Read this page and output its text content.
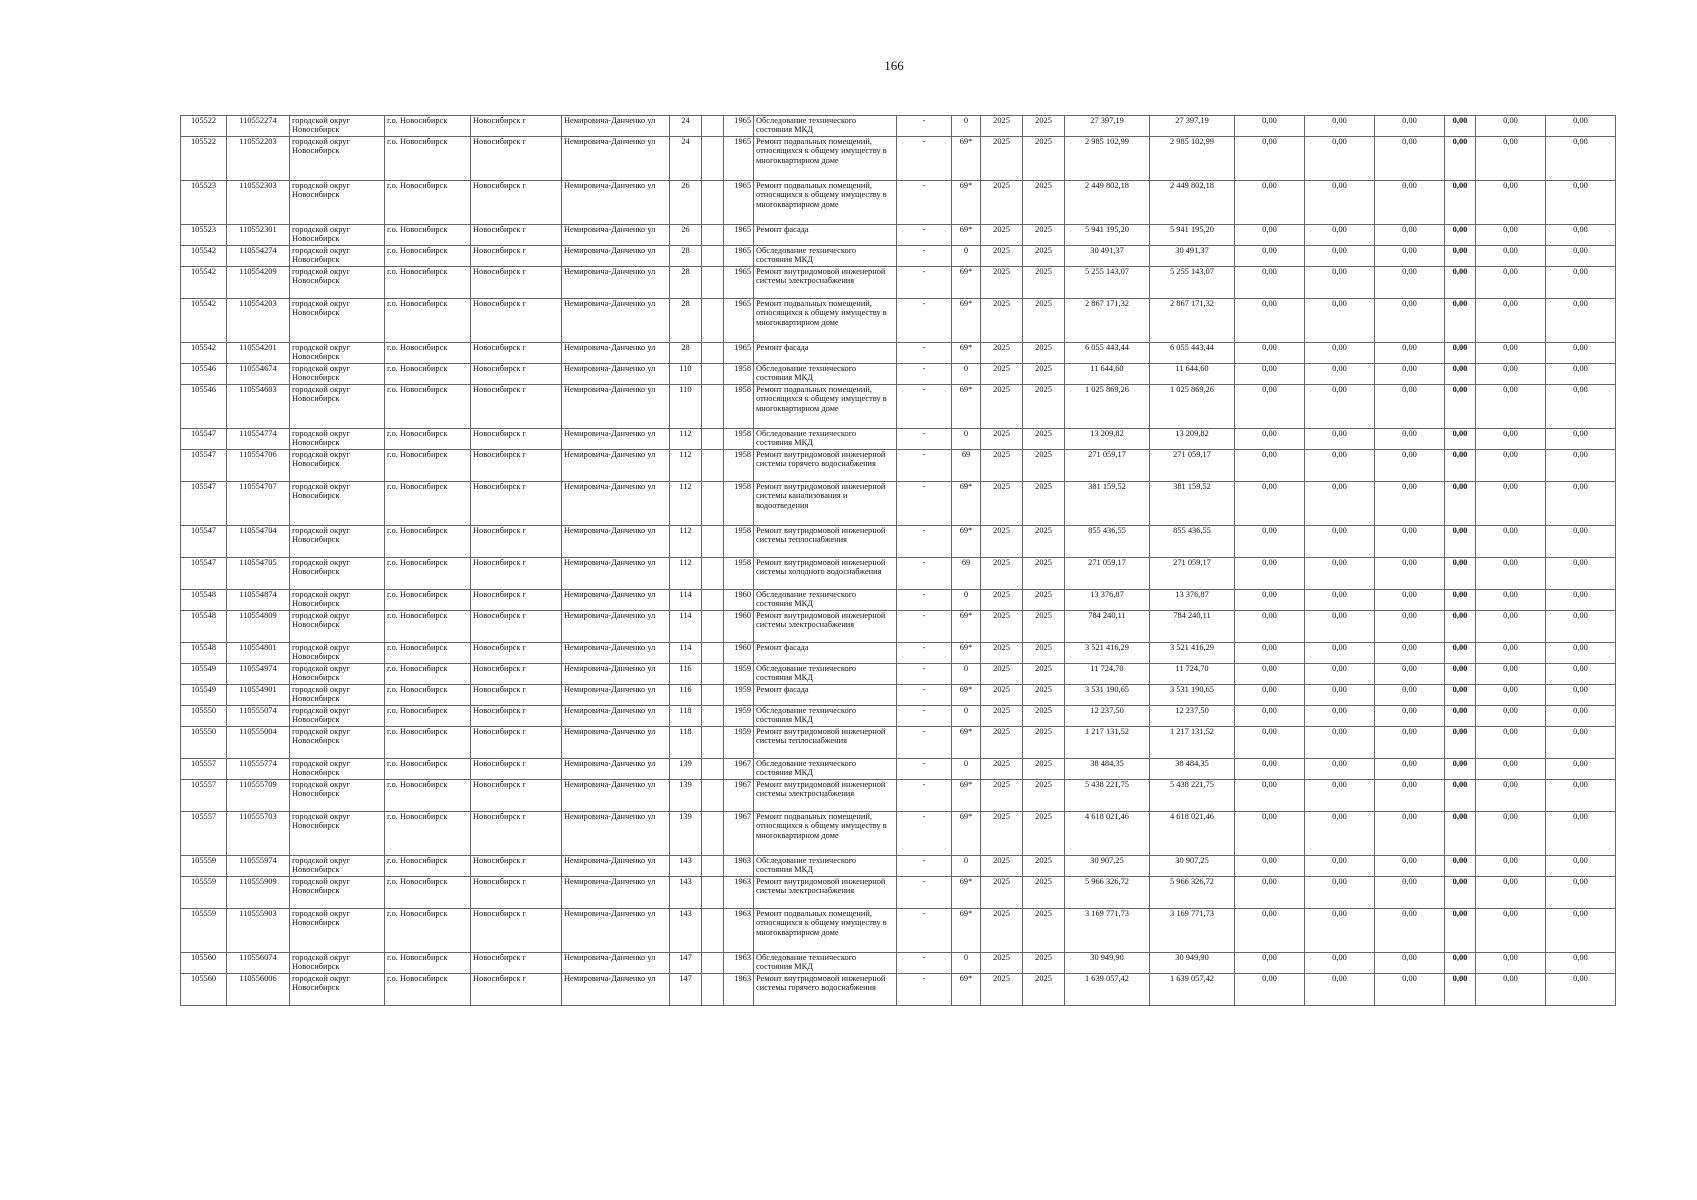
166
105522	110552274	городской округ Новосибирск	г.о. Новосибирск	Новосибирск г	Немировича-Данченко ул	24		1965	Обследование технического состояния МКД	-	0	2025	2025	27 397,19	27 397,19	0,00	0,00	0,00	0,00	0,00	0,00
105522	110552203	городской округ Новосибирск	г.о. Новосибирск	Новосибирск г	Немировича-Данченко ул	24		1965	Ремонт подвальных помещений, относящихся к общему имуществу в многоквартирном доме	-	69*	2025	2025	2 985 102,99	2 985 102,99	0,00	0,00	0,00	0,00	0,00	0,00
105523	110552303	городской округ Новосибирск	г.о. Новосибирск	Новосибирск г	Немировича-Данченко ул	26		1965	Ремонт подвальных помещений, относящихся к общему имуществу в многоквартирном доме	-	69*	2025	2025	2 449 802,18	2 449 802,18	0,00	0,00	0,00	0,00	0,00	0,00
105523	110552301	городской округ Новосибирск	г.о. Новосибирск	Новосибирск г	Немировича-Данченко ул	26		1965	Ремонт фасада	-	69*	2025	2025	5 941 195,20	5 941 195,20	0,00	0,00	0,00	0,00	0,00	0,00
105542	110554274	городской округ Новосибирск	г.о. Новосибирск	Новосибирск г	Немировича-Данченко ул	28		1965	Обследование технического состояния МКД	-	0	2025	2025	30 491,37	30 491,37	0,00	0,00	0,00	0,00	0,00	0,00
105542	110554209	городской округ Новосибирск	г.о. Новосибирск	Новосибирск г	Немировича-Данченко ул	28		1965	Ремонт внутридомовой инженерной системы электроснабжения	-	69*	2025	2025	5 255 143,07	5 255 143,07	0,00	0,00	0,00	0,00	0,00	0,00
105542	110554203	городской округ Новосибирск	г.о. Новосибирск	Новосибирск г	Немировича-Данченко ул	28		1965	Ремонт подвальных помещений, относящихся к общему имуществу в многоквартирном доме	-	69*	2025	2025	2 867 171,32	2 867 171,32	0,00	0,00	0,00	0,00	0,00	0,00
105542	110554201	городской округ Новосибирск	г.о. Новосибирск	Новосибирск г	Немировича-Данченко ул	28		1965	Ремонт фасада	-	69*	2025	2025	6 055 443,44	6 055 443,44	0,00	0,00	0,00	0,00	0,00	0,00
105546	110554674	городской округ Новосибирск	г.о. Новосибирск	Новосибирск г	Немировича-Данченко ул	110		1958	Обследование технического состояния МКД	-	0	2025	2025	11 644,60	11 644,60	0,00	0,00	0,00	0,00	0,00	0,00
105546	110554603	городской округ Новосибирск	г.о. Новосибирск	Новосибирск г	Немировича-Данченко ул	110		1958	Ремонт подвальных помещений, относящихся к общему имуществу в многоквартирном доме	-	69*	2025	2025	1 025 869,26	1 025 869,26	0,00	0,00	0,00	0,00	0,00	0,00
105547	110554774	городской округ Новосибирск	г.о. Новосибирск	Новосибирск г	Немировича-Данченко ул	112		1958	Обследование технического состояния МКД	-	0	2025	2025	13 209,82	13 209,82	0,00	0,00	0,00	0,00	0,00	0,00
105547	110554706	городской округ Новосибирск	г.о. Новосибирск	Новосибирск г	Немировича-Данченко ул	112		1958	Ремонт внутридомовой инженерной системы горячего водоснабжения	-	69	2025	2025	271 059,17	271 059,17	0,00	0,00	0,00	0,00	0,00	0,00
105547	110554707	городской округ Новосибирск	г.о. Новосибирск	Новосибирск г	Немировича-Данченко ул	112		1958	Ремонт внутридомовой инженерной системы канализования и водоотведения	-	69*	2025	2025	381 159,52	381 159,52	0,00	0,00	0,00	0,00	0,00	0,00
105547	110554704	городской округ Новосибирск	г.о. Новосибирск	Новосибирск г	Немировича-Данченко ул	112		1958	Ремонт внутридомовой инженерной системы теплоснабжения	-	69*	2025	2025	855 436,55	855 436,55	0,00	0,00	0,00	0,00	0,00	0,00
105547	110554705	городской округ Новосибирск	г.о. Новосибирск	Новосибирск г	Немировича-Данченко ул	112		1958	Ремонт внутридомовой инженерной системы холодного водоснабжения	-	69	2025	2025	271 059,17	271 059,17	0,00	0,00	0,00	0,00	0,00	0,00
105548	110554874	городской округ Новосибирск	г.о. Новосибирск	Новосибирск г	Немировича-Данченко ул	114		1960	Обследование технического состояния МКД	-	0	2025	2025	13 376,87	13 376,87	0,00	0,00	0,00	0,00	0,00	0,00
105548	110554809	городской округ Новосибирск	г.о. Новосибирск	Новосибирск г	Немировича-Данченко ул	114		1960	Ремонт внутридомовой инженерной системы электроснабжения	-	69*	2025	2025	784 240,11	784 240,11	0,00	0,00	0,00	0,00	0,00	0,00
105548	110554801	городской округ Новосибирск	г.о. Новосибирск	Новосибирск г	Немировича-Данченко ул	114		1960	Ремонт фасада	-	69*	2025	2025	3 521 416,29	3 521 416,29	0,00	0,00	0,00	0,00	0,00	0,00
105549	110554974	городской округ Новосибирск	г.о. Новосибирск	Новосибирск г	Немировича-Данченко ул	116		1959	Обследование технического состояния МКД	-	0	2025	2025	11 724,70	11 724,70	0,00	0,00	0,00	0,00	0,00	0,00
105549	110554901	городской округ Новосибирск	г.о. Новосибирск	Новосибирск г	Немировича-Данченко ул	116		1959	Ремонт фасада	-	69*	2025	2025	3 531 190,65	3 531 190,65	0,00	0,00	0,00	0,00	0,00	0,00
105550	110555074	городской округ Новосибирск	г.о. Новосибирск	Новосибирск г	Немировича-Данченко ул	118		1959	Обследование технического состояния МКД	-	0	2025	2025	12 237,50	12 237,50	0,00	0,00	0,00	0,00	0,00	0,00
105550	110555004	городской округ Новосибирск	г.о. Новосибирск	Новосибирск г	Немировича-Данченко ул	118		1959	Ремонт внутридомовой инженерной системы теплоснабжения	-	69*	2025	2025	1 217 131,52	1 217 131,52	0,00	0,00	0,00	0,00	0,00	0,00
105557	110555774	городской округ Новосибирск	г.о. Новосибирск	Новосибирск г	Немировича-Данченко ул	139		1967	Обследование технического состояния МКД	-	0	2025	2025	38 484,35	38 484,35	0,00	0,00	0,00	0,00	0,00	0,00
105557	110555709	городской округ Новосибирск	г.о. Новосибирск	Новосибирск г	Немировича-Данченко ул	139		1967	Ремонт внутридомовой инженерной системы электроснабжения	-	69*	2025	2025	5 438 221,75	5 438 221,75	0,00	0,00	0,00	0,00	0,00	0,00
105557	110555703	городской округ Новосибирск	г.о. Новосибирск	Новосибирск г	Немировича-Данченко ул	139		1967	Ремонт подвальных помещений, относящихся к общему имуществу в многоквартирном доме	-	69*	2025	2025	4 618 021,46	4 618 021,46	0,00	0,00	0,00	0,00	0,00	0,00
105559	110555974	городской округ Новосибирск	г.о. Новосибирск	Новосибирск г	Немировича-Данченко ул	143		1963	Обследование технического состояния МКД	-	0	2025	2025	30 907,25	30 907,25	0,00	0,00	0,00	0,00	0,00	0,00
105559	110555909	городской округ Новосибирск	г.о. Новосибирск	Новосибирск г	Немировича-Данченко ул	143		1963	Ремонт внутридомовой инженерной системы электроснабжения	-	69*	2025	2025	5 966 326,72	5 966 326,72	0,00	0,00	0,00	0,00	0,00	0,00
105559	110555903	городской округ Новосибирск	г.о. Новосибирск	Новосибирск г	Немировича-Данченко ул	143		1963	Ремонт подвальных помещений, относящихся к общему имуществу в многоквартирном доме	-	69*	2025	2025	3 169 771,73	3 169 771,73	0,00	0,00	0,00	0,00	0,00	0,00
105560	110556074	городской округ Новосибирск	г.о. Новосибирск	Новосибирск г	Немировича-Данченко ул	147		1963	Обследование технического состояния МКД	-	0	2025	2025	30 949,90	30 949,90	0,00	0,00	0,00	0,00	0,00	0,00
105560	110556006	городской округ Новосибирск	г.о. Новосибирск	Новосибирск г	Немировича-Данченко ул	147		1963	Ремонт внутридомовой инженерной системы горячего водоснабжения	-	69*	2025	2025	1 639 057,42	1 639 057,42	0,00	0,00	0,00	0,00	0,00	0,00
